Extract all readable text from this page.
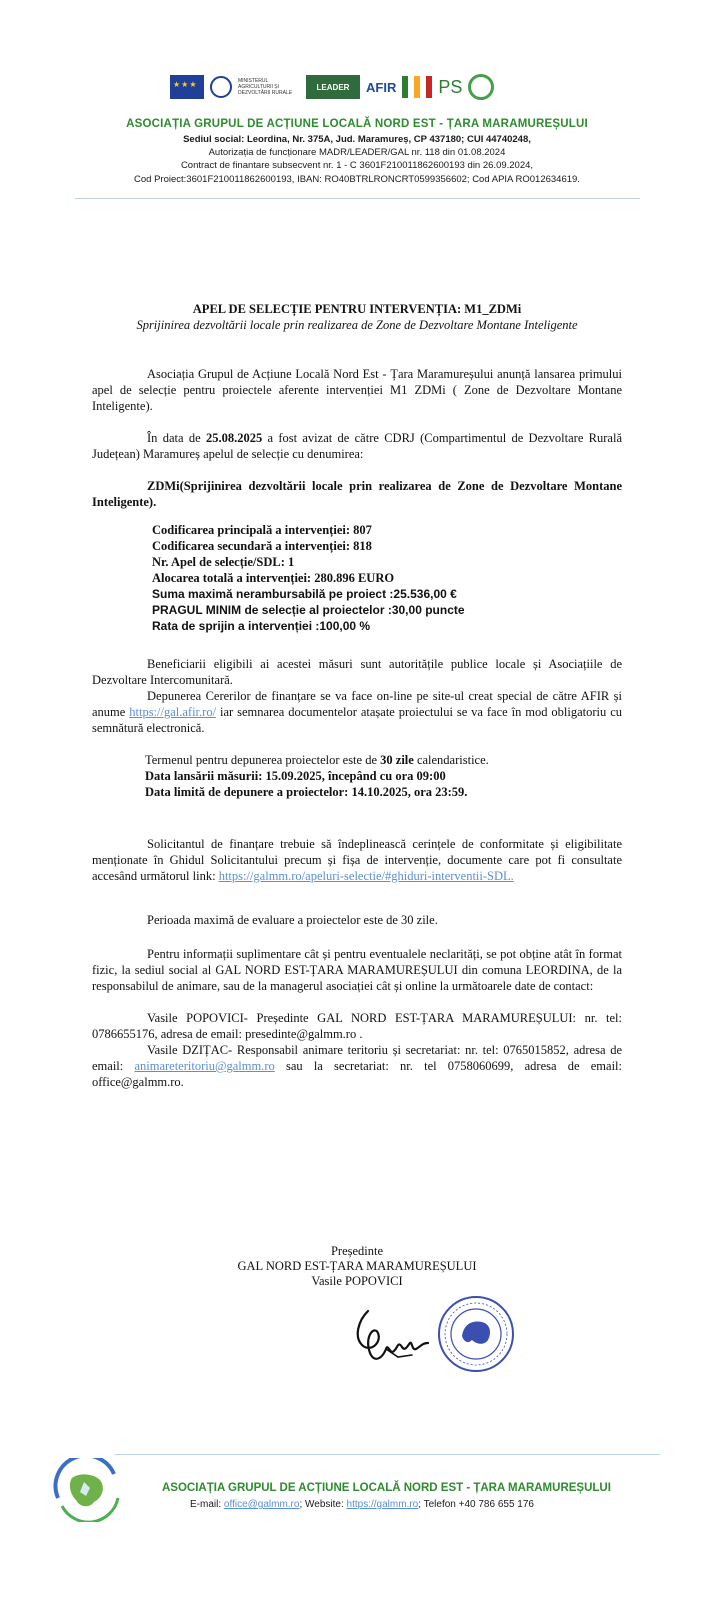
★★★
MINISTERUL AGRICULTURII ȘI DEZVOLTĂRII RURALE
LEADER	AFIR PS
ASOCIAȚIA GRUPUL DE ACȚIUNE LOCALĂ NORD EST - ȚARA MARAMUREȘULUI
Sediul social: Leordina, Nr. 375A, Jud. Maramureș, CP 437180; CUI 44740248,
Autorizația de funcționare MADR/LEADER/GAL nr. 118 din 01.08.2024
Contract de finantare subsecvent nr. 1 - C 3601F210011862600193 din 26.09.2024,
Cod Proiect:3601F210011862600193, IBAN: RO40BTRLRONCRT0599356602; Cod APIA RO012634619.
APEL DE SELECȚIE PENTRU INTERVENȚIA: M1_ZDMi
Sprijinirea dezvoltării locale prin realizarea de Zone de Dezvoltare Montane Inteligente

Asociația Grupul de Acțiune Locală Nord Est - Țara Maramureșului anunță lansarea primului apel de selecție pentru proiectele aferente intervenției M1 ZDMi ( Zone de Dezvoltare Montane Inteligente).

În data de 25.08.2025 a fost avizat de către CDRJ (Compartimentul de Dezvoltare Rurală Județean) Maramureș apelul de selecție cu denumirea:

ZDMi(Sprijinirea dezvoltării locale prin realizarea de Zone de Dezvoltare Montane Inteligente).

Codificarea principală a intervenției: 807
Codificarea secundară a intervenției: 818
Nr. Apel de selecție/SDL: 1
Alocarea totală a intervenției: 280.896 EURO
Suma maximă nerambursabilă pe proiect :25.536,00 €
PRAGUL MINIM de selecție al proiectelor :30,00 puncte
Rata de sprijin a intervenției :100,00 %

Beneficiarii eligibili ai acestei măsuri sunt autoritățile publice locale și Asociațiile de Dezvoltare Intercomunitară.

Depunerea Cererilor de finanțare se va face on-line pe site-ul creat special de către AFIR și anume https://gal.afir.ro/ iar semnarea documentelor atașate proiectului se va face în mod obligatoriu cu semnătură electronică.

Termenul pentru depunerea proiectelor este de 30 zile calendaristice.
Data lansării măsurii: 15.09.2025, începând cu ora 09:00
Data limită de depunere a proiectelor: 14.10.2025, ora 23:59.

Solicitantul de finanțare trebuie să îndeplinească cerințele de conformitate și eligibilitate menționate în Ghidul Solicitantului precum și fișa de intervenție, documente care pot fi consultate accesând următorul link: https://galmm.ro/apeluri-selectie/#ghiduri-interventii-SDL.

Perioada maximă de evaluare a proiectelor este de 30 zile.

Pentru informații suplimentare cât și pentru eventualele neclarități, se pot obține atât în format fizic, la sediul social al GAL NORD EST-ȚARA MARAMUREȘULUI din comuna LEORDINA, de la responsabilul de animare, sau de la managerul asociației cât și online la următoarele date de contact:

Vasile POPOVICI- Președinte GAL NORD EST-ȚARA MARAMUREȘULUI: nr. tel: 0786655176, adresa de email: presedinte@galmm.ro .

Vasile DZIȚAC- Responsabil animare teritoriu și secretariat: nr. tel: 0765015852, adresa de email: animareteritoriu@galmm.ro sau la secretariat: nr. tel 0758060699, adresa de email: office@galmm.ro.

Președinte
GAL NORD EST-ȚARA MARAMUREȘULUI
Vasile POPOVICI
ASOCIAȚIA GRUPUL DE ACȚIUNE LOCALĂ NORD EST - ȚARA MARAMUREȘULUI
E-mail: office@galmm.ro; Website: https://galmm.ro; Telefon +40 786 655 176
